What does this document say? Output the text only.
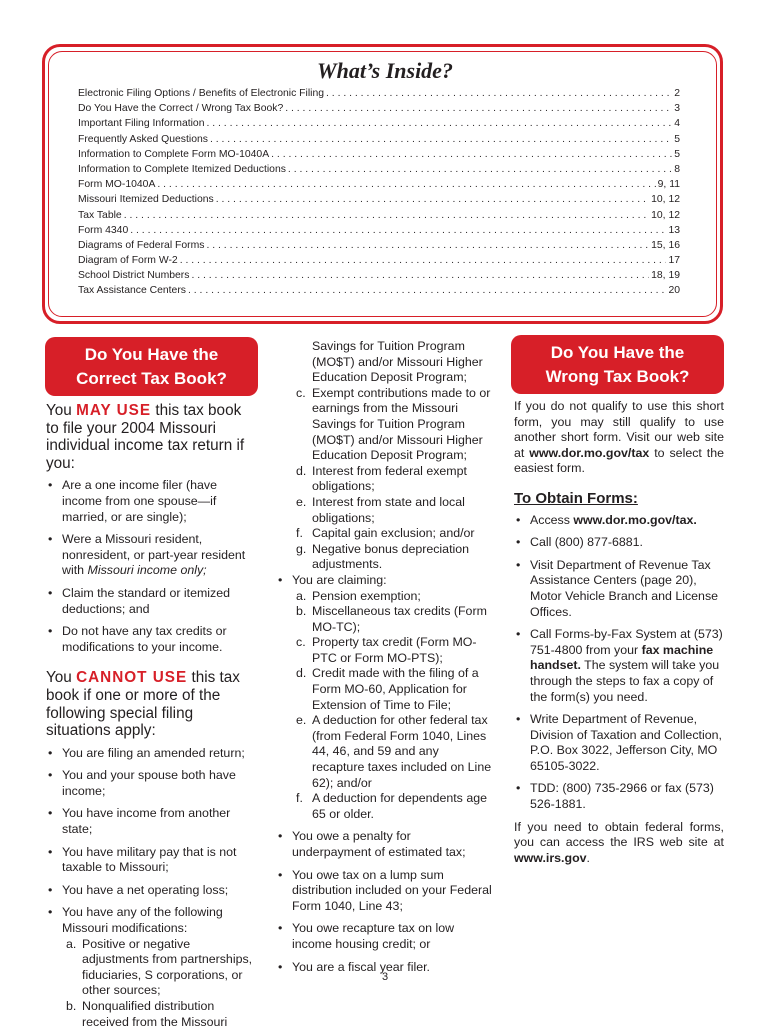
What’s Inside?
Electronic Filing Options / Benefits of Electronic Filing . . .	2
Do You Have the Correct / Wrong Tax Book? . . .	3
Important Filing Information . . .	4
Frequently Asked Questions . . .	5
Information to Complete Form MO-1040A . . .	5
Information to Complete Itemized Deductions . . .	8
Form MO-1040A . . .	9, 11
Missouri Itemized Deductions . . .	10, 12
Tax Table . . .	10, 12
Form 4340 . . .	13
Diagrams of Federal Forms . . .	15, 16
Diagram of Form W-2 . . .	17
School District Numbers . . .	18, 19
Tax Assistance Centers . . .	20
Do You Have the
Correct Tax Book?

You MAY USE this tax book to file your 2004 Missouri individual income tax return if you:

• Are a one income filer (have income from one spouse—if married, or are single);
• Were a Missouri resident, nonresident, or part-year resident with Missouri income only;
• Claim the standard or itemized deductions; and
• Do not have any tax credits or modifications to your income.

You CANNOT USE this tax book if one or more of the following special filing situations apply:

• You are filing an amended return;
• You and your spouse both have income;
• You have income from another state;
• You have military pay that is not taxable to Missouri;
• You have a net operating loss;
• You have any of the following Missouri modifications:
a. Positive or negative adjustments from partnerships, fiduciaries, S corporations, or other sources;
b. Nonqualified distribution received from the Missouri
Savings for Tuition Program (MO$T) and/or Missouri Higher Education Deposit Program;
c. Exempt contributions made to or earnings from the Missouri Savings for Tuition Program (MO$T) and/or Missouri Higher Education Deposit Program;
d. Interest from federal exempt obligations;
e. Interest from state and local obligations;
f. Capital gain exclusion; and/or
g. Negative bonus depreciation adjustments.
• You are claiming:
a. Pension exemption;
b. Miscellaneous tax credits (Form MO-TC);
c. Property tax credit (Form MO-PTC or Form MO-PTS);
d. Credit made with the filing of a Form MO-60, Application for Extension of Time to File;
e. A deduction for other federal tax (from Federal Form 1040, Lines 44, 46, and 59 and any recapture taxes included on Line 62); and/or
f. A deduction for dependents age 65 or older.
• You owe a penalty for underpayment of estimated tax;
• You owe tax on a lump sum distribution included on your Federal Form 1040, Line 43;
• You owe recapture tax on low income housing credit; or
• You are a fiscal year filer.
Do You Have the
Wrong Tax Book?

If you do not qualify to use this short form, you may still qualify to use another short form. Visit our web site at www.dor.mo.gov/tax to select the easiest form.

To Obtain Forms:
• Access www.dor.mo.gov/tax.
• Call (800) 877-6881.
• Visit Department of Revenue Tax Assistance Centers (page 20), Motor Vehicle Branch and License Offices.
• Call Forms-by-Fax System at (573) 751-4800 from your fax machine handset. The system will take you through the steps to fax a copy of the form(s) you need.
• Write Department of Revenue, Division of Taxation and Collection, P.O. Box 3022, Jefferson City, MO 65105-3022.
• TDD: (800) 735-2966 or fax (573) 526-1881.

If you need to obtain federal forms, you can access the IRS web site at www.irs.gov.

3
